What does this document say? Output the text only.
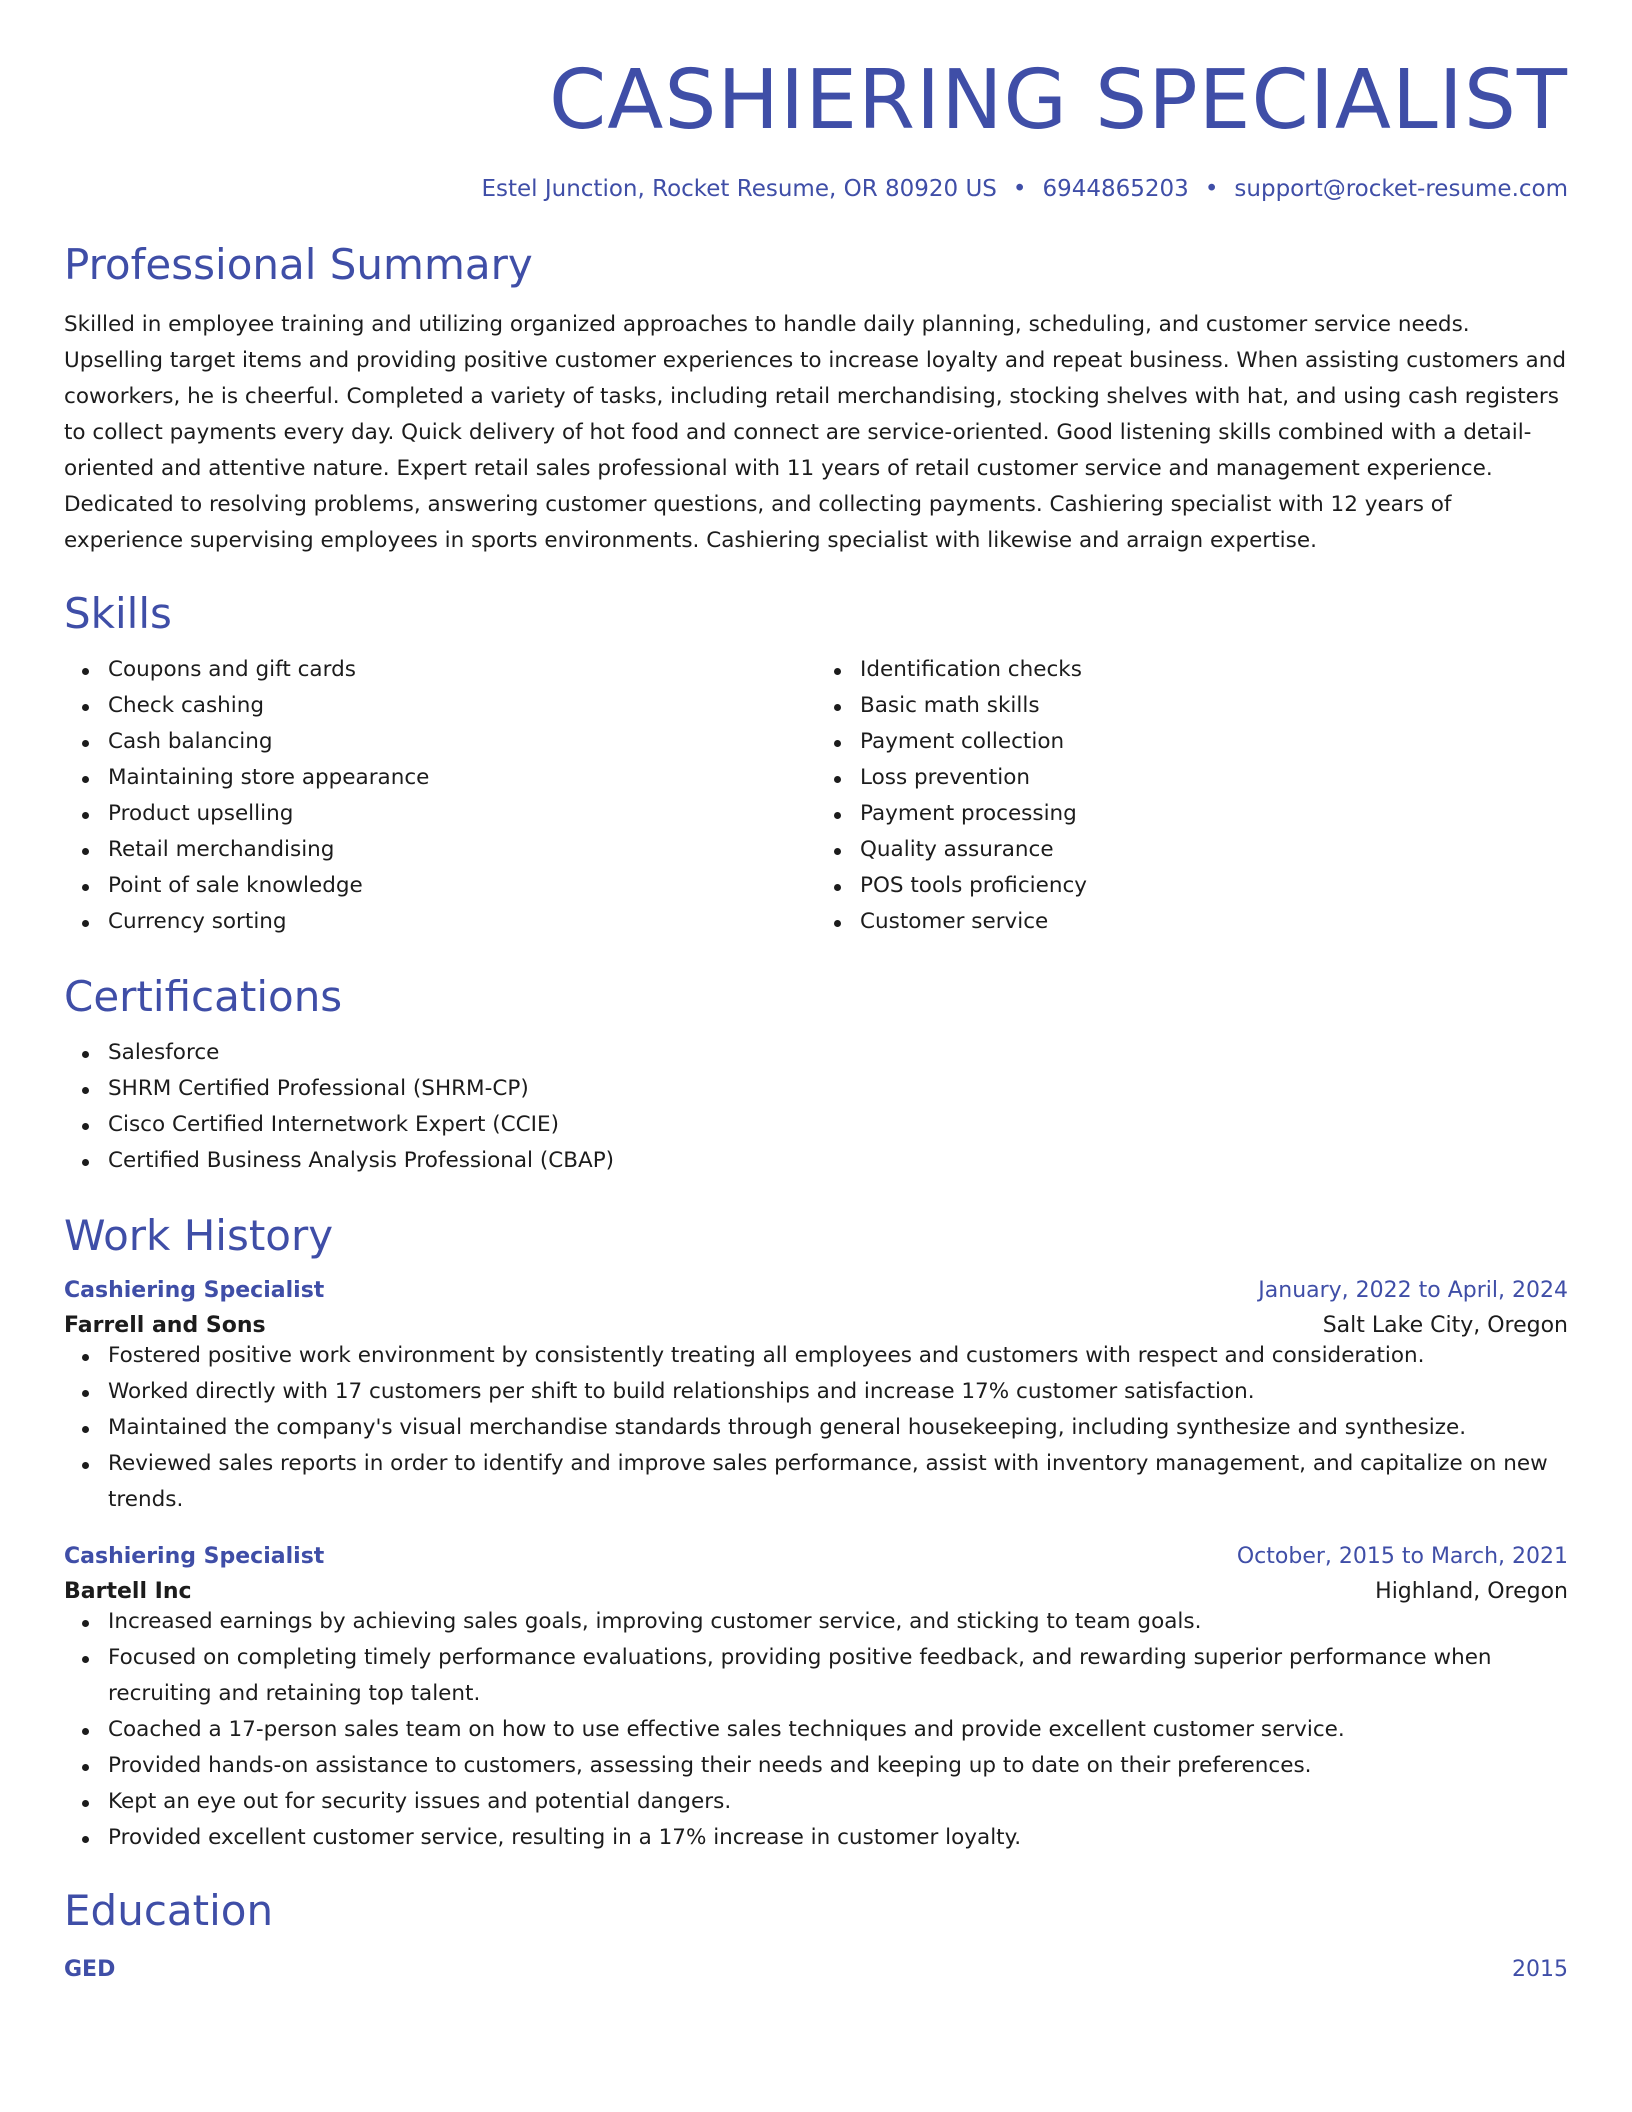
CASHIERING SPECIALIST
Estel Junction, Rocket Resume, OR 80920 US • 6944865203 • support@rocket-resume.com
Professional Summary

Skilled in employee training and utilizing organized approaches to handle daily planning, scheduling, and customer service needs. Upselling target items and providing positive customer experiences to increase loyalty and repeat business. When assisting customers and coworkers, he is cheerful. Completed a variety of tasks, including retail merchandising, stocking shelves with hat, and using cash registers to collect payments every day. Quick delivery of hot food and connect are service-oriented. Good listening skills combined with a detail-oriented and attentive nature. Expert retail sales professional with 11 years of retail customer service and management experience. Dedicated to resolving problems, answering customer questions, and collecting payments. Cashiering specialist with 12 years of experience supervising employees in sports environments. Cashiering specialist with likewise and arraign expertise.

Skills
Coupons and gift cards
Check cashing
Cash balancing
Maintaining store appearance
Product upselling
Retail merchandising
Point of sale knowledge
Currency sorting
Identification checks
Basic math skills
Payment collection
Loss prevention
Payment processing
Quality assurance
POS tools proficiency
Customer service
Certifications
Salesforce
SHRM Certified Professional (SHRM-CP)
Cisco Certified Internetwork Expert (CCIE)
Certified Business Analysis Professional (CBAP)
Work History
Cashiering Specialist	January, 2022 to April, 2024
Farrell and Sons	Salt Lake City, Oregon
Fostered positive work environment by consistently treating all employees and customers with respect and consideration.
Worked directly with 17 customers per shift to build relationships and increase 17% customer satisfaction.
Maintained the company's visual merchandise standards through general housekeeping, including synthesize and synthesize.
Reviewed sales reports in order to identify and improve sales performance, assist with inventory management, and capitalize on new trends.
Cashiering Specialist	October, 2015 to March, 2021
Bartell Inc	Highland, Oregon
Increased earnings by achieving sales goals, improving customer service, and sticking to team goals.
Focused on completing timely performance evaluations, providing positive feedback, and rewarding superior performance when recruiting and retaining top talent.
Coached a 17-person sales team on how to use effective sales techniques and provide excellent customer service.
Provided hands-on assistance to customers, assessing their needs and keeping up to date on their preferences.
Kept an eye out for security issues and potential dangers.
Provided excellent customer service, resulting in a 17% increase in customer loyalty.
Education
GED	2015
